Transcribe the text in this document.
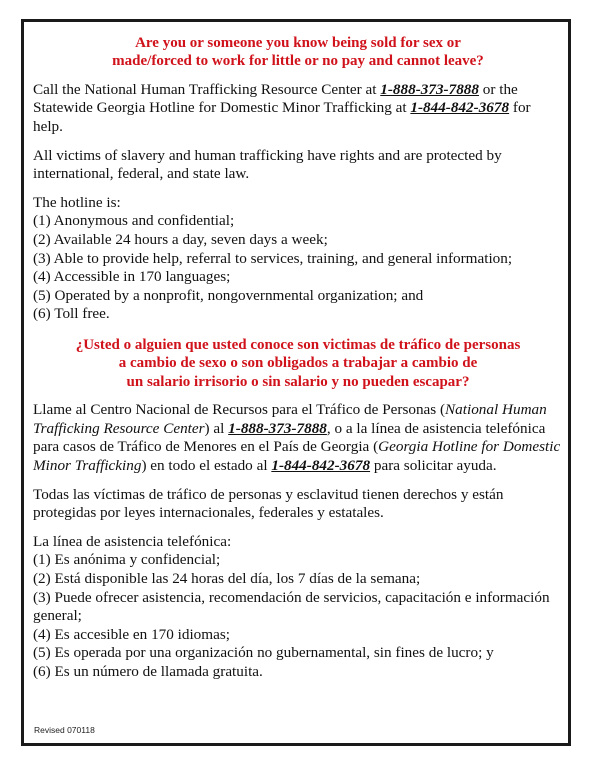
Are you or someone you know being sold for sex or
made/forced to work for little or no pay and cannot leave?

Call the National Human Trafficking Resource Center at 1-888-373-7888 or the Statewide Georgia Hotline for Domestic Minor Trafficking at 1-844-842-3678 for help.

All victims of slavery and human trafficking have rights and are protected by international, federal, and state law.

The hotline is:

(1) Anonymous and confidential;
(2) Available 24 hours a day, seven days a week;
(3) Able to provide help, referral to services, training, and general information;
(4) Accessible in 170 languages;
(5) Operated by a nonprofit, nongovernmental organization; and
(6) Toll free.
¿Usted o alguien que usted conoce son victimas de tráfico de personas
a cambio de sexo o son obligados a trabajar a cambio de
un salario irrisorio o sin salario y no pueden escapar?

Llame al Centro Nacional de Recursos para el Tráfico de Personas (National Human Trafficking Resource Center) al 1-888-373-7888, o a la línea de asistencia telefónica para casos de Tráfico de Menores en el País de Georgia (Georgia Hotline for Domestic Minor Trafficking) en todo el estado al 1-844-842-3678 para solicitar ayuda.

Todas las víctimas de tráfico de personas y esclavitud tienen derechos y están protegidas por leyes internacionales, federales y estatales.

La línea de asistencia telefónica:

(1) Es anónima y confidencial;
(2) Está disponible las 24 horas del día, los 7 días de la semana;
(3) Puede ofrecer asistencia, recomendación de servicios, capacitación e información general;
(4) Es accesible en 170 idiomas;
(5) Es operada por una organización no gubernamental, sin fines de lucro; y
(6) Es un número de llamada gratuita.
Revised 070118
